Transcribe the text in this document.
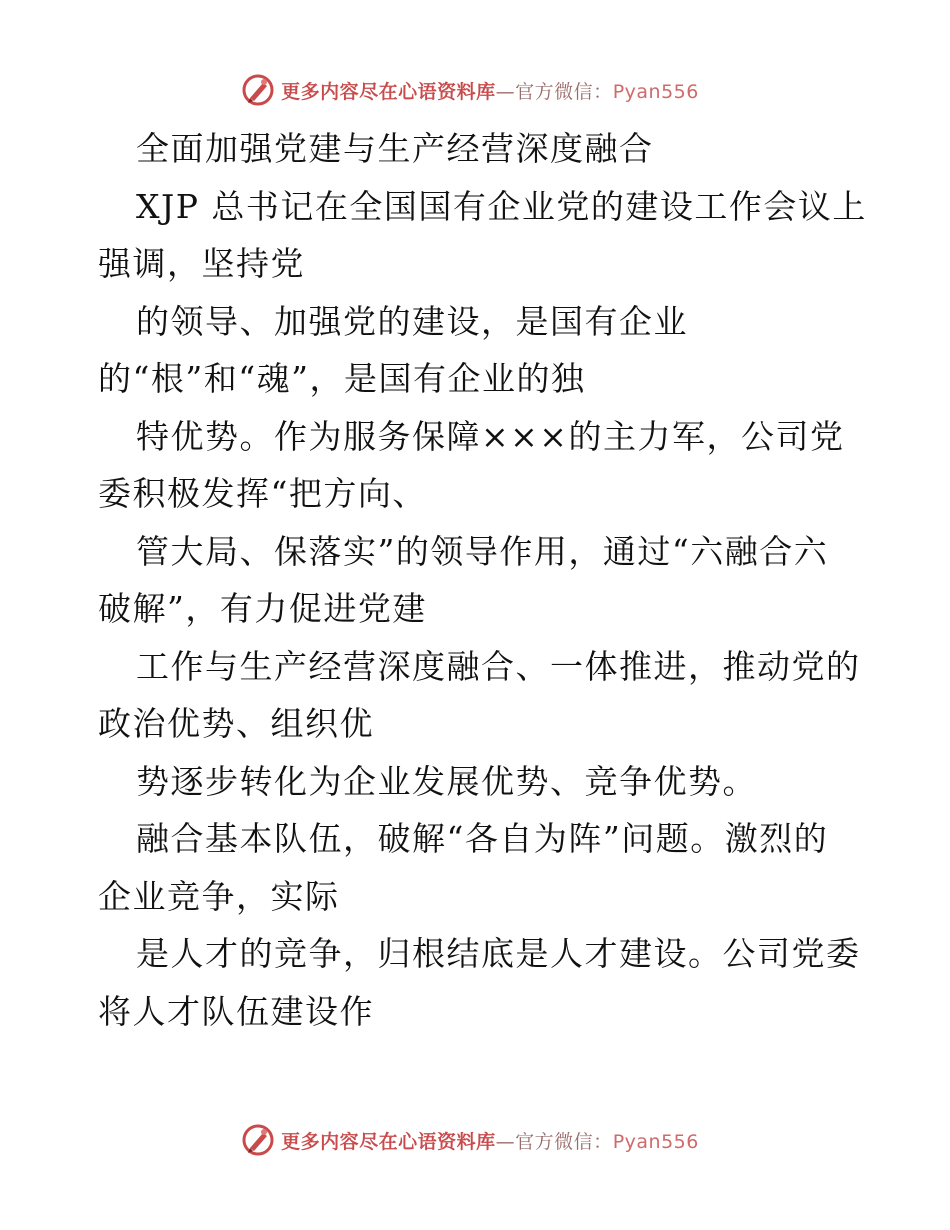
更多内容尽在心语资料库—官方微信：Pyan556
全面加强党建与生产经营深度融合
XJP 总书记在全国国有企业党的建设工作会议上
强调，坚持党
的领导、加强党的建设，是国有企业
的“根”和“魂”，是国有企业的独
特优势。作为服务保障×××的主力军，公司党
委积极发挥“把方向、
管大局、保落实”的领导作用，通过“六融合六
破解”，有力促进党建
工作与生产经营深度融合、一体推进，推动党的
政治优势、组织优
势逐步转化为企业发展优势、竞争优势。
融合基本队伍，破解“各自为阵”问题。激烈的
企业竞争，实际
是人才的竞争，归根结底是人才建设。公司党委
将人才队伍建设作
更多内容尽在心语资料库—官方微信：Pyan556
